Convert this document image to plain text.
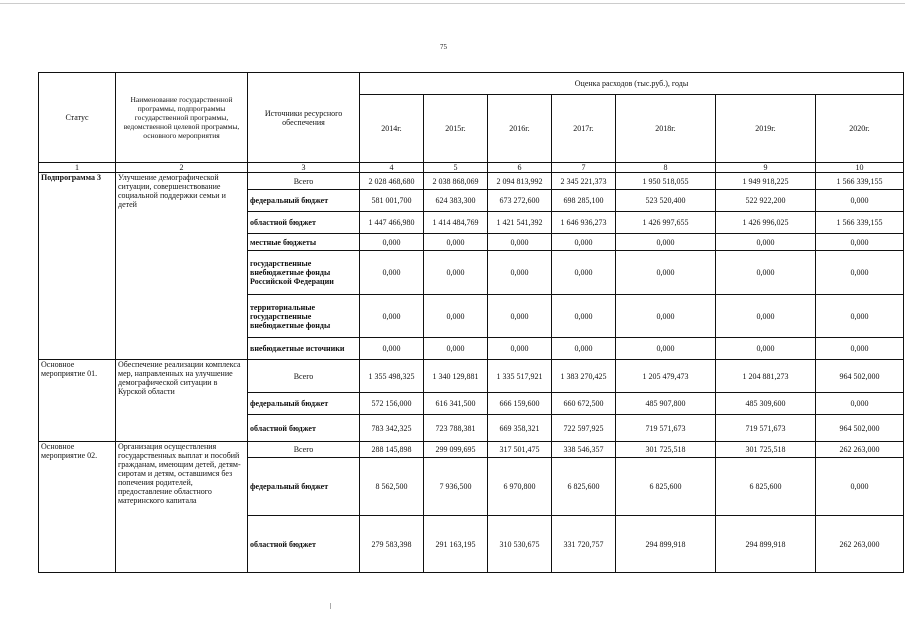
75
Статус	Наименование государственной программы, подпрограммы государственной программы, ведомственной целевой программы, основного мероприятия	Источники ресурсного обеспечения	Оценка расходов (тыс.руб.), годы						
			2014г.	2015г.	2016г.	2017г.	2018г.	2019г.	2020г.
1	2	3	4	5	6	7	8	9	10
Подпрограмма 3	Улучшение демографической ситуации, совершенствование социальной поддержки семьи и детей	Всего	2 028 468,680	2 038 868,069	2 094 813,992	2 345 221,373	1 950 518,055	1 949 918,225	1 566 339,155
		федеральный бюджет	581 001,700	624 383,300	673 272,600	698 285,100	523 520,400	522 922,200	0,000
		областной бюджет	1 447 466,980	1 414 484,769	1 421 541,392	1 646 936,273	1 426 997,655	1 426 996,025	1 566 339,155
		местные бюджеты	0,000	0,000	0,000	0,000	0,000	0,000	0,000
		государственные внебюджетные фонды Российской Федерации	0,000	0,000	0,000	0,000	0,000	0,000	0,000
		территориальные государственные внебюджетные фонды	0,000	0,000	0,000	0,000	0,000	0,000	0,000
		внебюджетные источники	0,000	0,000	0,000	0,000	0,000	0,000	0,000
Основное мероприятие 01.	Обеспечение реализации комплекса мер, направленных на улучшение демографической ситуации в Курской области	Всего	1 355 498,325	1 340 129,881	1 335 517,921	1 383 270,425	1 205 479,473	1 204 881,273	964 502,000
		федеральный бюджет	572 156,000	616 341,500	666 159,600	660 672,500	485 907,800	485 309,600	0,000
		областной бюджет	783 342,325	723 788,381	669 358,321	722 597,925	719 571,673	719 571,673	964 502,000
Основное мероприятие 02.	Организация осуществления государственных выплат и пособий гражданам, имеющим детей, детям-сиротам и детям, оставшимся без попечения родителей, предоставление областного материнского капитала	Всего	288 145,898	299 099,695	317 501,475	338 546,357	301 725,518	301 725,518	262 263,000
		федеральный бюджет	8 562,500	7 936,500	6 970,800	6 825,600	6 825,600	6 825,600	0,000
		областной бюджет	279 583,398	291 163,195	310 530,675	331 720,757	294 899,918	294 899,918	262 263,000
